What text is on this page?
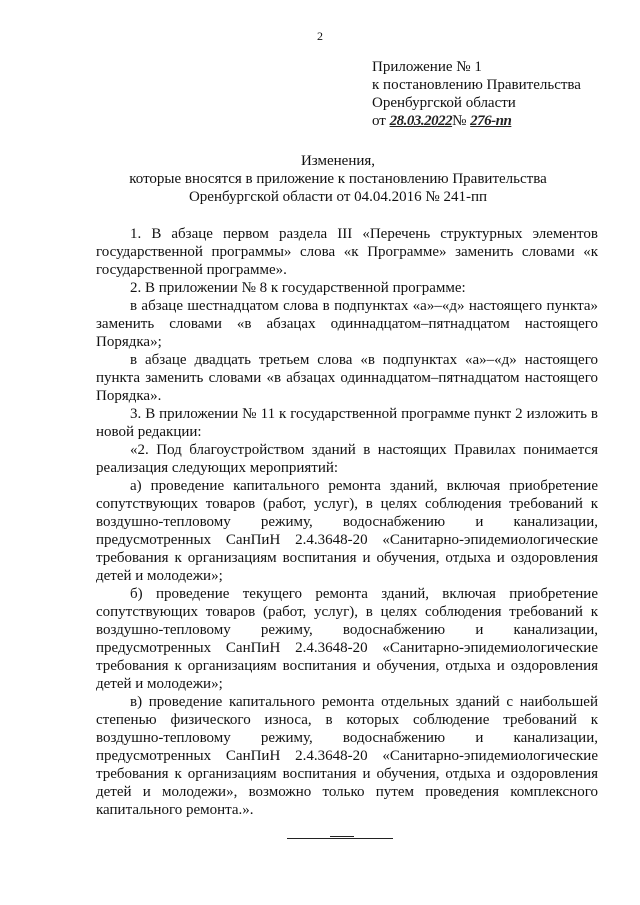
2
Приложение № 1
к постановлению Правительства
Оренбургской области
от 28.03.2022№ 276-пп
Изменения,
которые вносятся в приложение к постановлению Правительства
Оренбургской области от 04.04.2016 № 241-пп

1. В абзаце первом раздела III «Перечень структурных элементов государственной программы» слова «к Программе» заменить словами «к государственной программе».

2. В приложении № 8 к государственной программе:

в абзаце шестнадцатом слова в подпунктах «а»–«д» настоящего пункта» заменить словами «в абзацах одиннадцатом–пятнадцатом настоящего Порядка»;

в абзаце двадцать третьем слова «в подпунктах «а»–«д» настоящего пункта заменить словами «в абзацах одиннадцатом–пятнадцатом настоящего Порядка».

3. В приложении № 11 к государственной программе пункт 2 изложить в новой редакции:

«2. Под благоустройством зданий в настоящих Правилах понимается реализация следующих мероприятий:

а) проведение капитального ремонта зданий, включая приобретение сопутствующих товаров (работ, услуг), в целях соблюдения требований к воздушно-тепловому режиму, водоснабжению и канализации, предусмотренных СанПиН 2.4.3648-20 «Санитарно-эпидемиологические требования к организациям воспитания и обучения, отдыха и оздоровления детей и молодежи»;

б) проведение текущего ремонта зданий, включая приобретение сопутствующих товаров (работ, услуг), в целях соблюдения требований к воздушно-тепловому режиму, водоснабжению и канализации, предусмотренных СанПиН 2.4.3648-20 «Санитарно-эпидемиологические требования к организациям воспитания и обучения, отдыха и оздоровления детей и молодежи»;

в) проведение капитального ремонта отдельных зданий с наибольшей степенью физического износа, в которых соблюдение требований к воздушно-тепловому режиму, водоснабжению и канализации, предусмотренных СанПиН 2.4.3648-20 «Санитарно-эпидемиологические требования к организациям воспитания и обучения, отдыха и оздоровления детей и молодежи», возможно только путем проведения комплексного капитального ремонта.».
